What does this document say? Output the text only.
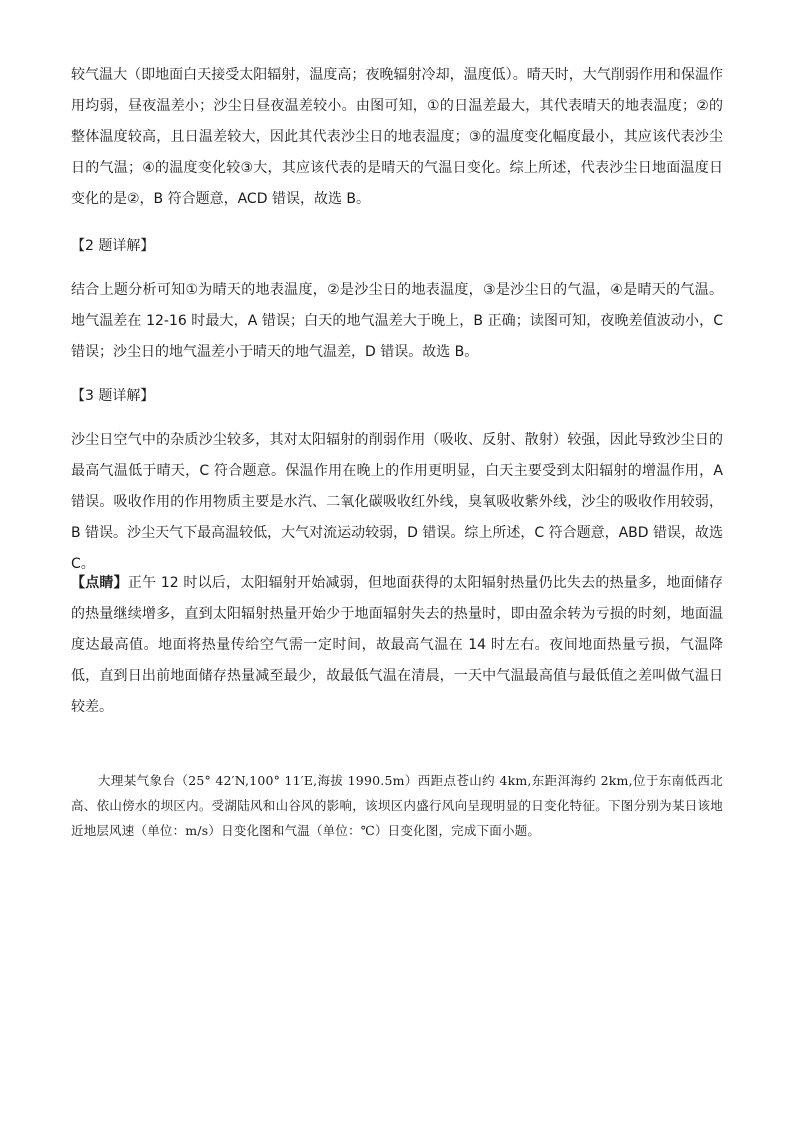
较气温大（即地面白天接受太阳辐射，温度高；夜晚辐射冷却，温度低）。晴天时，大气削弱作用和保温作用均弱，昼夜温差小；沙尘日昼夜温差较小。由图可知，①的日温差最大，其代表晴天的地表温度；②的整体温度较高，且日温差较大，因此其代表沙尘日的地表温度；③的温度变化幅度最小，其应该代表沙尘日的气温；④的温度变化较③大，其应该代表的是晴天的气温日变化。综上所述，代表沙尘日地面温度日变化的是②，B 符合题意，ACD 错误，故选 B。

【2 题详解】

结合上题分析可知①为晴天的地表温度，②是沙尘日的地表温度，③是沙尘日的气温，④是晴天的气温。地气温差在 12-16 时最大，A 错误；白天的地气温差大于晚上，B 正确；读图可知，夜晚差值波动小，C 错误；沙尘日的地气温差小于晴天的地气温差，D 错误。故选 B。

【3 题详解】

沙尘日空气中的杂质沙尘较多，其对太阳辐射的削弱作用（吸收、反射、散射）较强，因此导致沙尘日的最高气温低于晴天，C 符合题意。保温作用在晚上的作用更明显，白天主要受到太阳辐射的增温作用，A 错误。吸收作用的作用物质主要是水汽、二氧化碳吸收红外线，臭氧吸收紫外线，沙尘的吸收作用较弱，B 错误。沙尘天气下最高温较低，大气对流运动较弱，D 错误。综上所述，C 符合题意，ABD 错误，故选 C。

【点睛】正午 12 时以后，太阳辐射开始减弱，但地面获得的太阳辐射热量仍比失去的热量多，地面储存的热量继续增多，直到太阳辐射热量开始少于地面辐射失去的热量时，即由盈余转为亏损的时刻，地面温度达最高值。地面将热量传给空气需一定时间，故最高气温在 14 时左右。夜间地面热量亏损，气温降低，直到日出前地面储存热量减至最少，故最低气温在清晨，一天中气温最高值与最低值之差叫做气温日较差。

大理某气象台（25° 42′N,100° 11′E,海拔 1990.5m）西距点苍山约 4km,东距洱海约 2km,位于东南低西北高、依山傍水的坝区内。受湖陆风和山谷风的影响，该坝区内盛行风向呈现明显的日变化特征。下图分别为某日该地近地层风速（单位：m/s）日变化图和气温（单位：℃）日变化图，完成下面小题。
